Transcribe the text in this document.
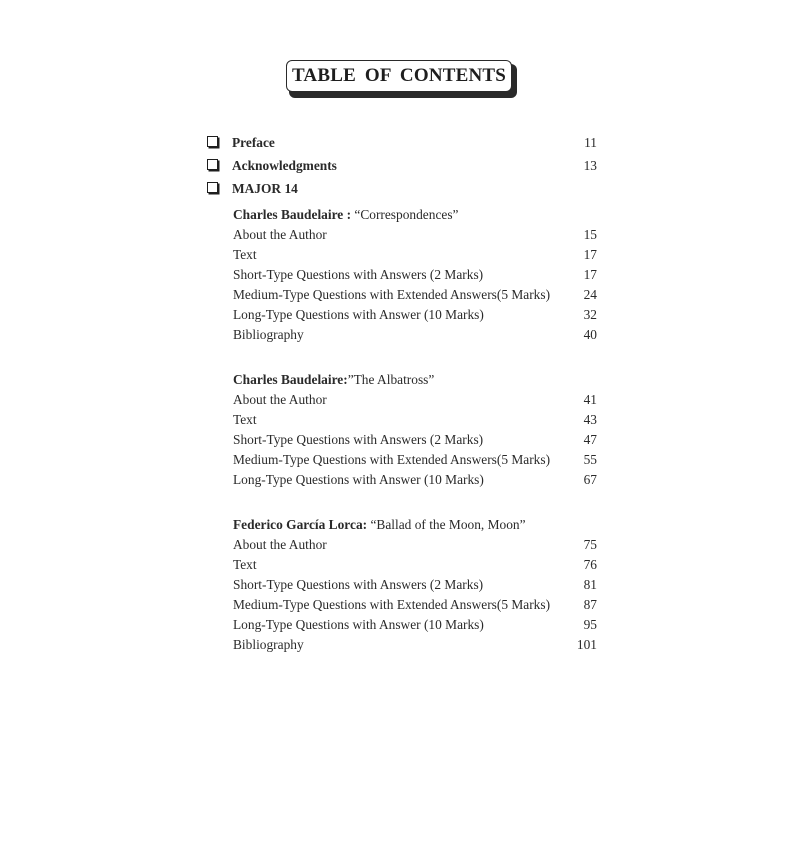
TABLE OF CONTENTS
Preface	11
Acknowledgments	13
MAJOR 14
Charles Baudelaire : “Correspondences”
About the Author	15
Text	17
Short-Type Questions with Answers (2 Marks)	17
Medium-Type Questions with Extended Answers(5 Marks)	24
Long-Type Questions with Answer (10 Marks)	32
Bibliography	40
Charles Baudelaire:”The Albatross”
About the Author	41
Text	43
Short-Type Questions with Answers (2 Marks)	47
Medium-Type Questions with Extended Answers(5 Marks)	55
Long-Type Questions with Answer (10 Marks)	67
Federico García Lorca: “Ballad of the Moon, Moon”
About the Author	75
Text	76
Short-Type Questions with Answers (2 Marks)	81
Medium-Type Questions with Extended Answers(5 Marks)	87
Long-Type Questions with Answer (10 Marks)	95
Bibliography	101
